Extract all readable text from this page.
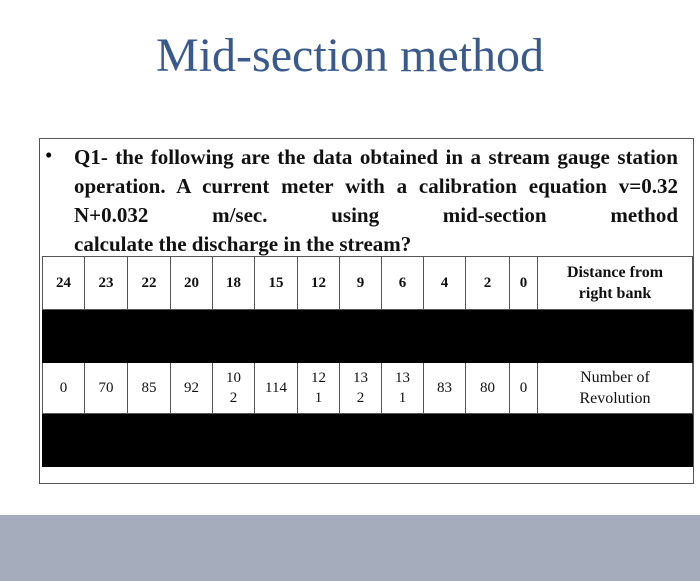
Mid-section method
• Q1- the following are the data obtained in a stream gauge station operation. A current meter with a calibration equation v=0.32 N+0.032 m/sec. using mid-section method
calculate the discharge in the stream?
24	23	22	20	18	15	12	9	6	4	2	0	Distance from right bank

0	70	85	92	102	114	121	132	131	83	80	0	Number of Revolution
